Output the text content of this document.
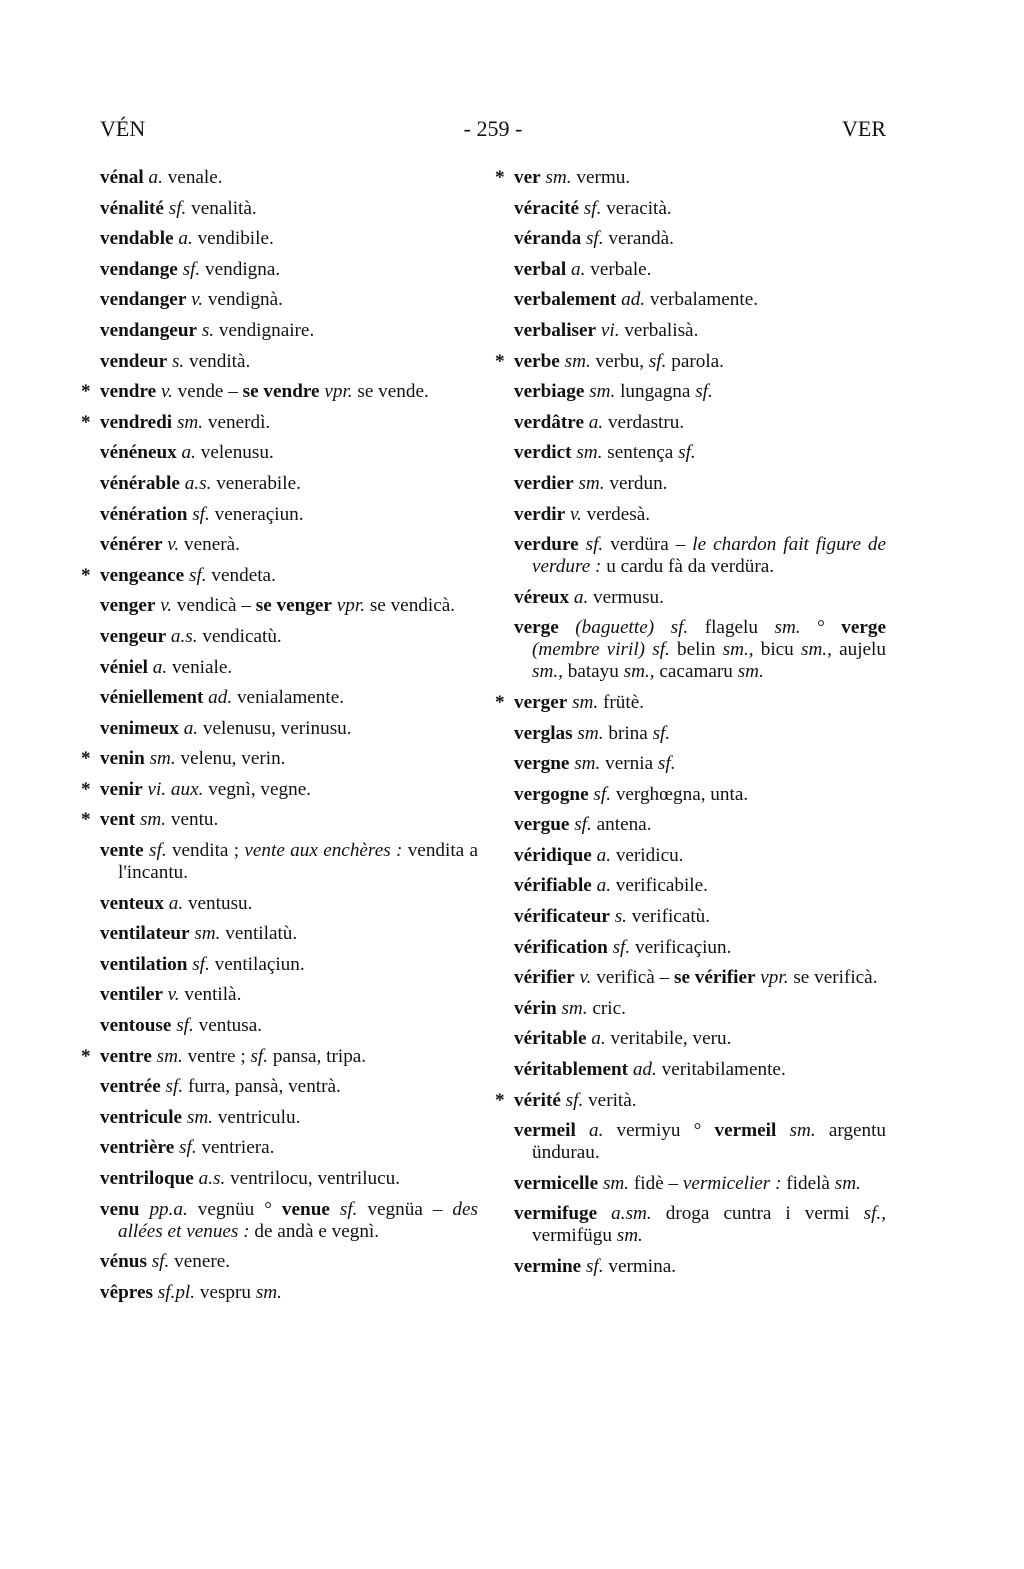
VÉN	- 259 -	VER
vénal a. venale.
vénalité sf. venalità.
vendable a. vendibile.
vendange sf. vendigna.
vendanger v. vendignà.
vendangeur s. vendignaire.
vendeur s. vendità.
* vendre v. vende – se vendre vpr. se vende.
* vendredi sm. venerdì.
vénéneux a. velenusu.
vénérable a.s. venerabile.
vénération sf. veneraçiun.
vénérer v. venerà.
* vengeance sf. vendeta.
venger v. vendicà – se venger vpr. se vendicà.
vengeur a.s. vendicatù.
véniel a. veniale.
véniellement ad. venialamente.
venimeux a. velenusu, verinusu.
* venin sm. velenu, verin.
* venir vi. aux. vegnì, vegne.
* vent sm. ventu.
vente sf. vendita ; vente aux enchères : vendita a l'incantu.
venteux a. ventusu.
ventilateur sm. ventilatù.
ventilation sf. ventilaçiun.
ventiler v. ventilà.
ventouse sf. ventusa.
* ventre sm. ventre ; sf. pansa, tripa.
ventrée sf. furra, pansà, ventrà.
ventricule sm. ventriculu.
ventrière sf. ventriera.
ventriloque a.s. ventrilocu, ventrilucu.
venu pp.a. vegnüu ° venue sf. vegnüa – des allées et venues : de andà e vegnì.
vénus sf. venere.
vêpres sf.pl. vespru sm.
* ver sm. vermu.
véracité sf. veracità.
véranda sf. verandà.
verbal a. verbale.
verbalement ad. verbalamente.
verbaliser vi. verbalisà.
* verbe sm. verbu, sf. parola.
verbiage sm. lungagna sf.
verdâtre a. verdastru.
verdict sm. sentença sf.
verdier sm. verdun.
verdir v. verdesà.
verdure sf. verdüra – le chardon fait figure de verdure : u cardu fà da verdüra.
véreux a. vermusu.
verge (baguette) sf. flagelu sm. ° verge (membre viril) sf. belin sm., bicu sm., aujelu sm., batayu sm., cacamaru sm.
* verger sm. frütè.
verglas sm. brina sf.
vergne sm. vernia sf.
vergogne sf. verghœgna, unta.
vergue sf. antena.
véridique a. veridicu.
vérifiable a. verificabile.
vérificateur s. verificatù.
vérification sf. verificaçiun.
vérifier v. verificà – se vérifier vpr. se verificà.
vérin sm. cric.
véritable a. veritabile, veru.
véritablement ad. veritabilamente.
* vérité sf. verità.
vermeil a. vermiyu ° vermeil sm. argentu ündurau.
vermicelle sm. fidè – vermicelier : fidelà sm.
vermifuge a.sm. droga cuntra i vermi sf., vermifügu sm.
vermine sf. vermina.
